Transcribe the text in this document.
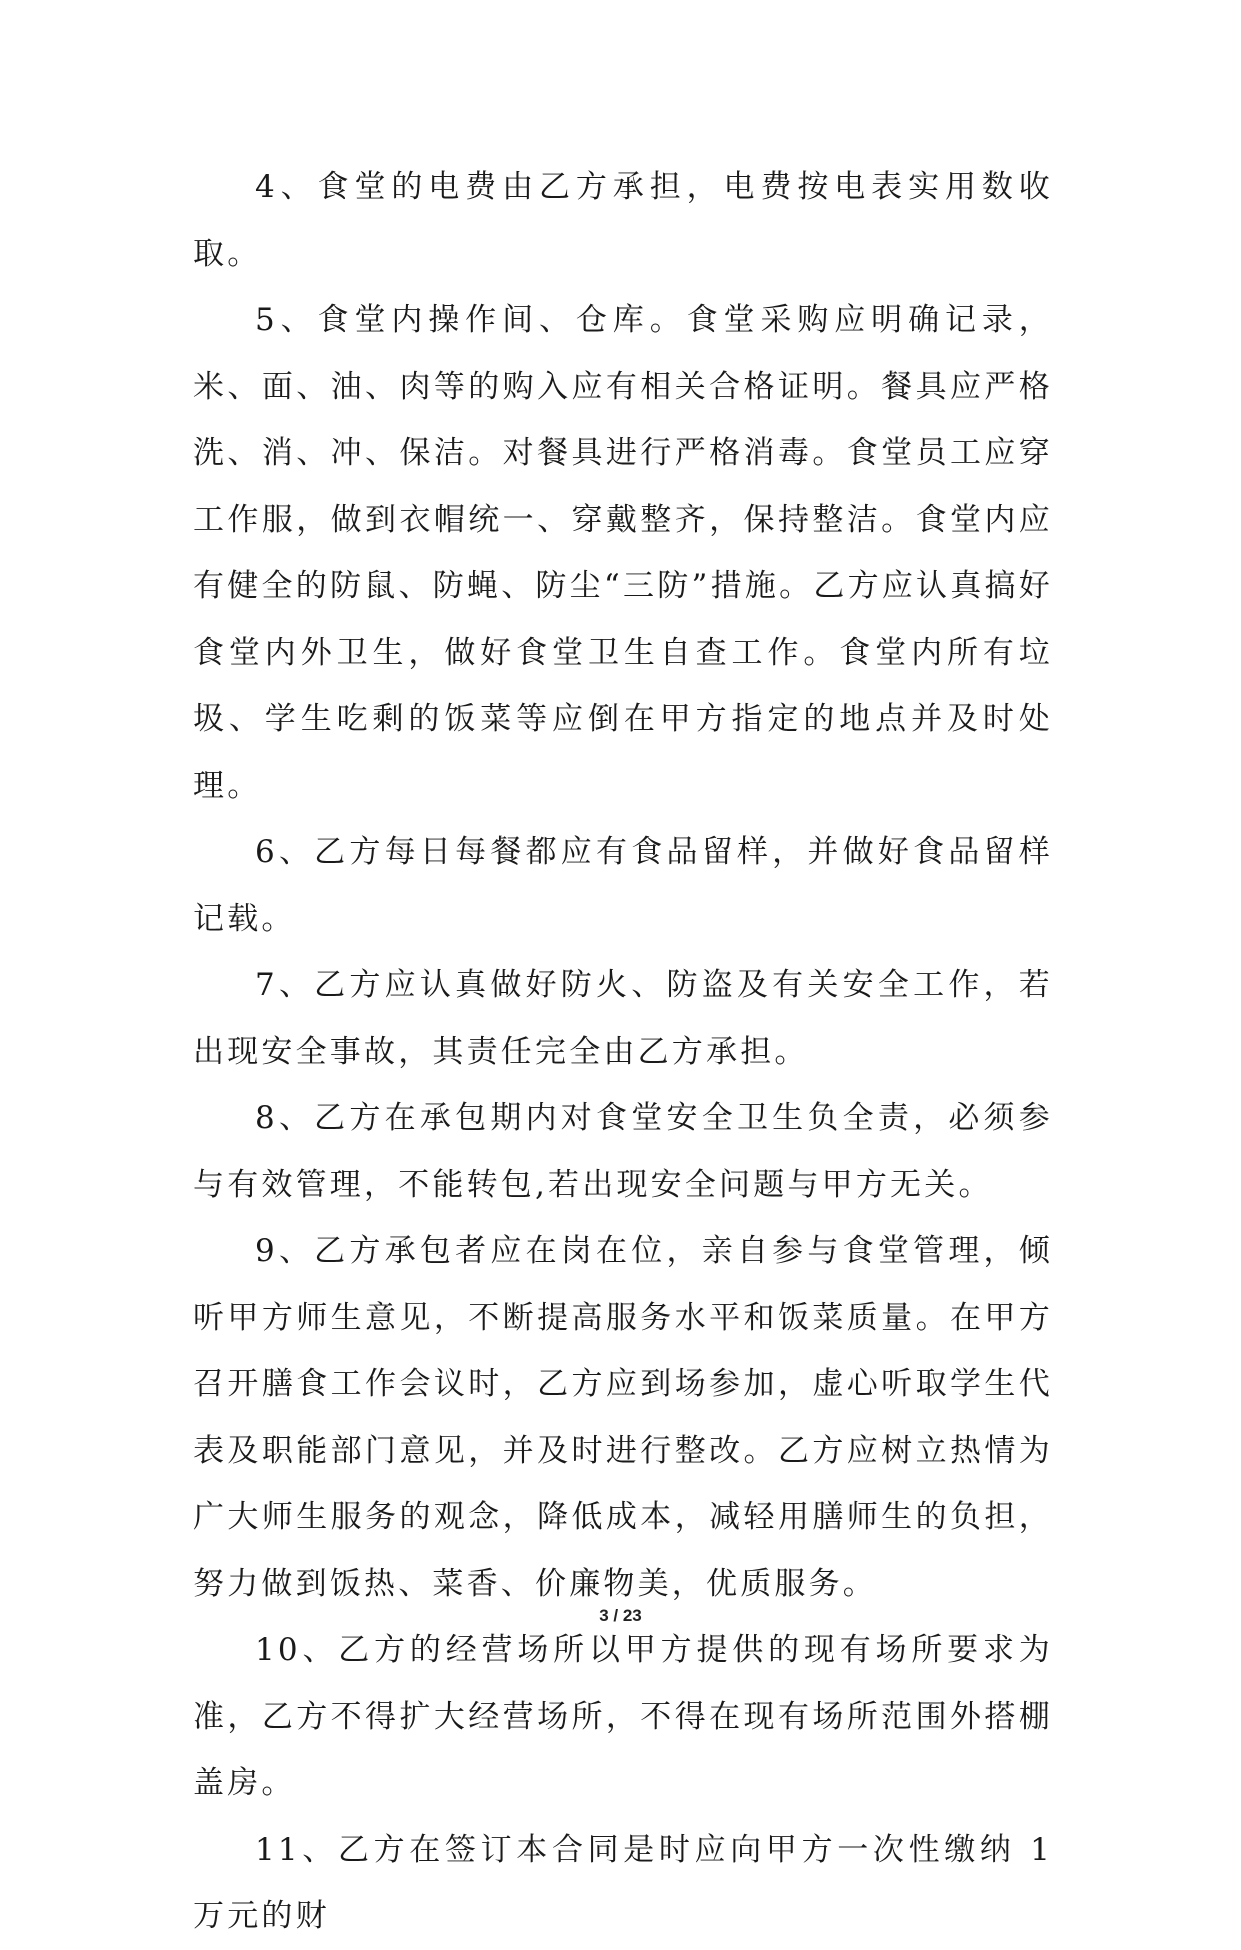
4、食堂的电费由乙方承担，电费按电表实用数收取。

5、食堂内操作间、仓库。食堂采购应明确记录，米、面、油、肉等的购入应有相关合格证明。餐具应严格洗、消、冲、保洁。对餐具进行严格消毒。食堂员工应穿工作服，做到衣帽统一、穿戴整齐，保持整洁。食堂内应有健全的防鼠、防蝇、防尘“三防”措施。乙方应认真搞好食堂内外卫生，做好食堂卫生自查工作。食堂内所有垃圾、学生吃剩的饭菜等应倒在甲方指定的地点并及时处理。

6、乙方每日每餐都应有食品留样，并做好食品留样记载。

7、乙方应认真做好防火、防盗及有关安全工作，若出现安全事故，其责任完全由乙方承担。

8、乙方在承包期内对食堂安全卫生负全责，必须参与有效管理，不能转包,若出现安全问题与甲方无关。

9、乙方承包者应在岗在位，亲自参与食堂管理，倾听甲方师生意见，不断提高服务水平和饭菜质量。在甲方召开膳食工作会议时，乙方应到场参加，虚心听取学生代表及职能部门意见，并及时进行整改。乙方应树立热情为广大师生服务的观念，降低成本，减轻用膳师生的负担，努力做到饭热、菜香、价廉物美，优质服务。

10、乙方的经营场所以甲方提供的现有场所要求为准，乙方不得扩大经营场所，不得在现有场所范围外搭棚盖房。

11、乙方在签订本合同是时应向甲方一次性缴纳 1 万元的财

3 / 23
